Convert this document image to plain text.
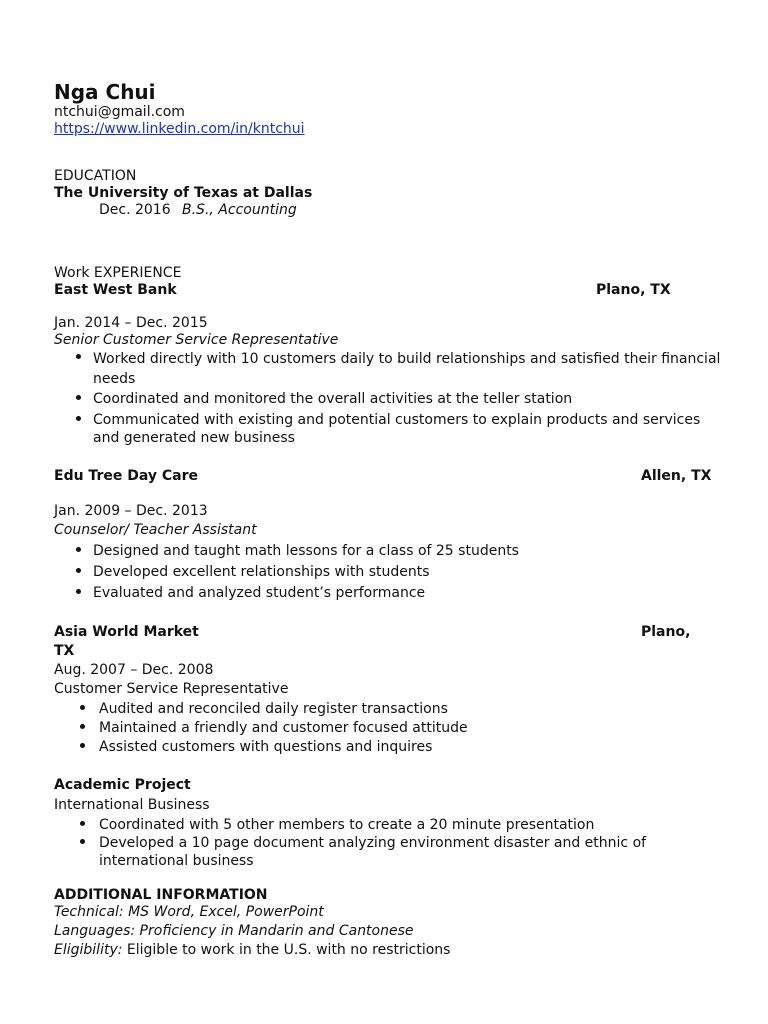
Nga Chui
ntchui@gmail.com
https://www.linkedin.com/in/kntchui
EDUCATION
The University of Texas at Dallas
Dec. 2016 B.S., Accounting
Work EXPERIENCE
East West Bank	Plano, TX
Jan. 2014 – Dec. 2015
Senior Customer Service Representative
Worked directly with 10 customers daily to build relationships and satisfied their financial needs
Coordinated and monitored the overall activities at the teller station
Communicated with existing and potential customers to explain products and services and generated new business
Edu Tree Day Care	Allen, TX
Jan. 2009 – Dec. 2013
Counselor/ Teacher Assistant
Designed and taught math lessons for a class of 25 students
Developed excellent relationships with students
Evaluated and analyzed student’s performance
Asia World Market	Plano,
TX
Aug. 2007 – Dec. 2008
Customer Service Representative
Audited and reconciled daily register transactions
Maintained a friendly and customer focused attitude
Assisted customers with questions and inquires
Academic Project
International Business
Coordinated with 5 other members to create a 20 minute presentation
Developed a 10 page document analyzing environment disaster and ethnic of international business
ADDITIONAL INFORMATION
Technical: MS Word, Excel, PowerPoint
Languages: Proficiency in Mandarin and Cantonese
Eligibility: Eligible to work in the U.S. with no restrictions
